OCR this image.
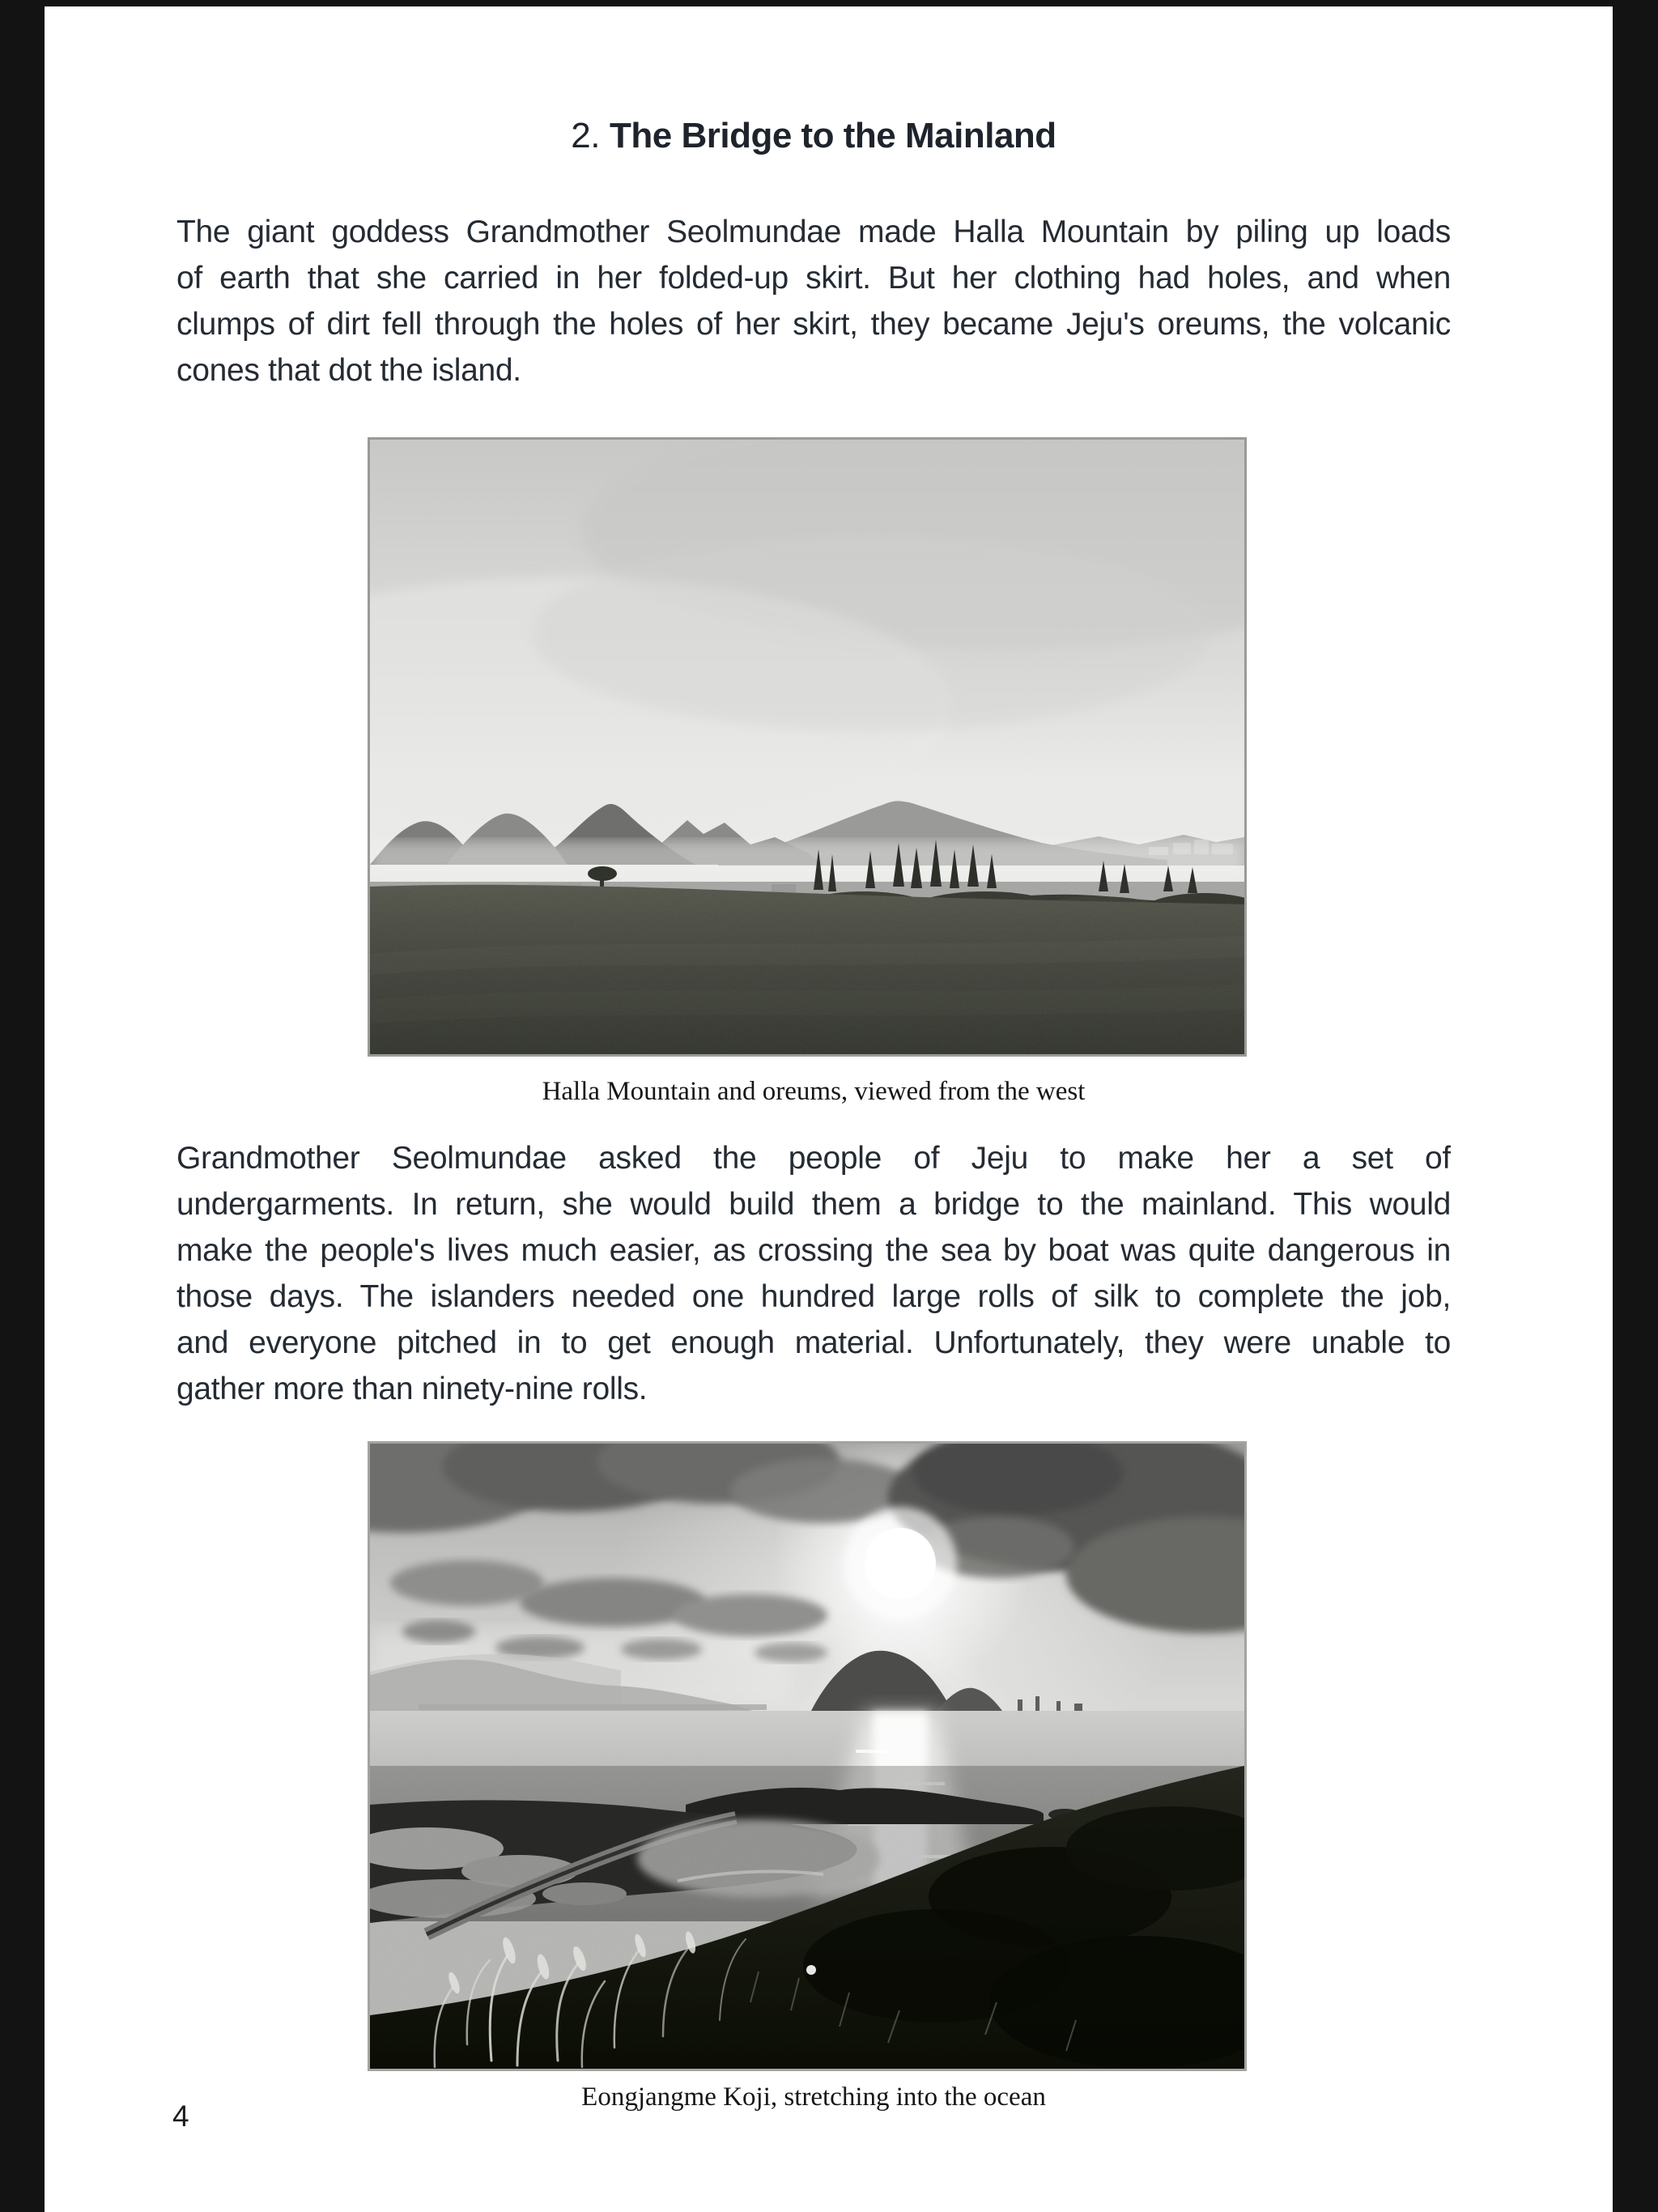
2. The Bridge to the Mainland
The giant goddess Grandmother Seolmundae made Halla Mountain by piling up loads
of earth that she carried in her folded-up skirt. But her clothing had holes, and when
clumps of dirt fell through the holes of her skirt, they became Jeju's oreums, the volcanic
cones that dot the island.
Halla Mountain and oreums, viewed from the west
Grandmother Seolmundae asked the people of Jeju to make her a set of
undergarments. In return, she would build them a bridge to the mainland. This would
make the people's lives much easier, as crossing the sea by boat was quite dangerous in
those days. The islanders needed one hundred large rolls of silk to complete the job,
and everyone pitched in to get enough material. Unfortunately, they were unable to
gather more than ninety-nine rolls.
Eongjangme Koji, stretching into the ocean
4
